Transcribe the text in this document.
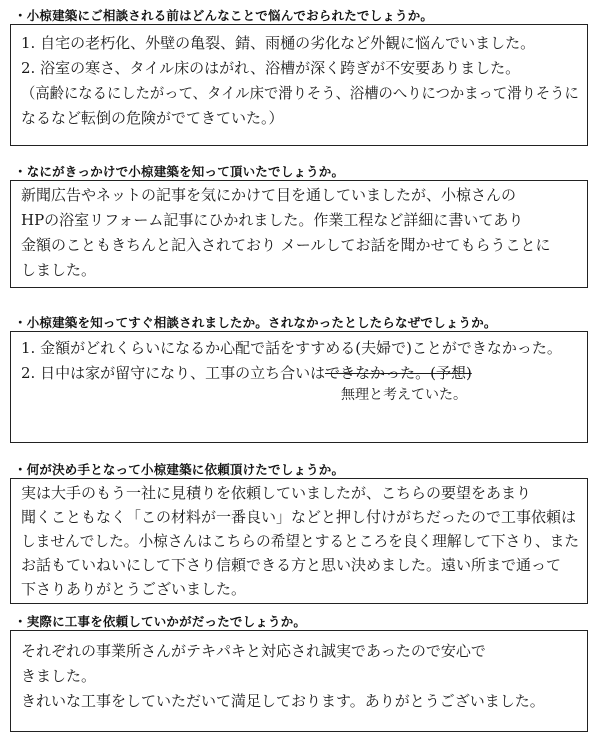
・小椋建築にご相談される前はどんなことで悩んでおられたでしょうか。
1. 自宅の老朽化、外壁の亀裂、錆、雨樋の劣化など外観に悩んでいました。
2. 浴室の寒さ、タイル床のはがれ、浴槽が深く跨ぎが不安要ありました。
（高齢になるにしたがって、タイル床で滑りそう、浴槽のへりにつかまって滑りそうに
なるなど転倒の危険がでてきていた。）
・なにがきっかけで小椋建築を知って頂いたでしょうか。
新聞広告やネットの記事を気にかけて目を通していましたが、小椋さんの
HPの浴室リフォーム記事にひかれました。作業工程など詳細に書いてあり
金額のこともきちんと記入されており メールしてお話を聞かせてもらうことに
しました。
・小椋建築を知ってすぐ相談されましたか。されなかったとしたらなぜでしょうか。
1. 金額がどれくらいになるか心配で話をすすめる(夫婦で)ことができなかった。
2. 日中は家が留守になり、工事の立ち合いはできなかった。(予想)
無理と考えていた。
・何が決め手となって小椋建築に依頼頂けたでしょうか。
実は大手のもう一社に見積りを依頼していましたが、こちらの要望をあまり
聞くこともなく「この材料が一番良い」などと押し付けがちだったので工事依頼は
しませんでした。小椋さんはこちらの希望とするところを良く理解して下さり、また
お話もていねいにして下さり信頼できる方と思い決めました。遠い所まで通って
下さりありがとうございました。
・実際に工事を依頼していかがだったでしょうか。
それぞれの事業所さんがテキパキと対応され誠実であったので安心で
きました。
きれいな工事をしていただいて満足しております。ありがとうございました。
